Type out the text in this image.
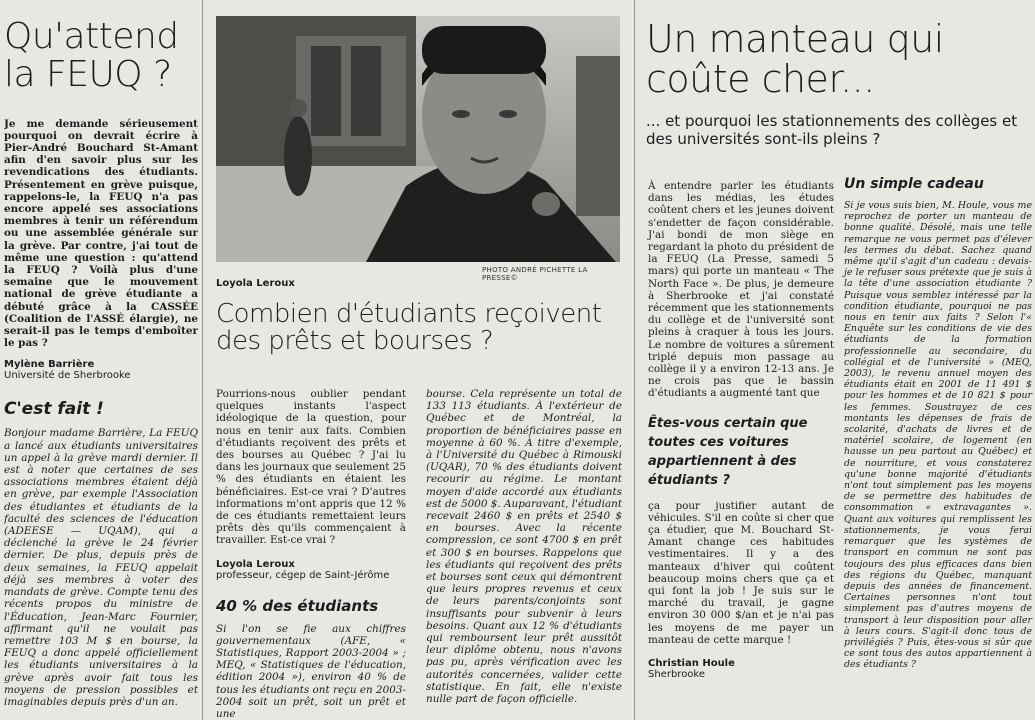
Qu'attend la FEUQ ?

Je me demande sérieusement pourquoi on devrait écrire à Pier-André Bouchard St-Amant afin d'en savoir plus sur les revendications des étudiants. Présentement en grève puisque, rappelons-le, la FEUQ n'a pas encore appelé ses associations membres à tenir un référendum ou une assemblée générale sur la grève. Par contre, j'ai tout de même une question : qu'attend la FEUQ ? Voilà plus d'une semaine que le mouvement national de grève étudiante a débuté grâce à la CASSÉE (Coalition de l'ASSÉ élargie), ne serait-il pas le temps d'emboîter le pas ?

Mylène Barrière

Université de Sherbrooke

C'est fait !

Bonjour madame Barrière, La FEUQ a lancé aux étudiants universitaires un appel à la grève mardi dernier. Il est à noter que certaines de ses associations membres étaient déjà en grève, par exemple l'Association des étudiantes et étudiants de la faculté des sciences de l'éducation (ADEESE — UQAM), qui a déclenché la grève le 24 février dernier. De plus, depuis près de deux semaines, la FEUQ appelait déjà ses membres à voter des mandats de grève. Compte tenu des récents propos du ministre de l'Éducation, Jean-Marc Fournier, affirmant qu'il ne voulait pas remettre 103 M $ en bourse, la FEUQ a donc appelé officiellement les étudiants universitaires à la grève après avoir fait tous les moyens de pression possibles et imaginables depuis près d'un an.

PHOTO ANDRÉ PICHETTE LA PRESSE©

Loyola Leroux

Combien d'étudiants reçoivent des prêts et bourses ?

Pourrions-nous oublier pendant quelques instants l'aspect idéologique de la question, pour nous en tenir aux faits. Combien d'étudiants reçoivent des prêts et des bourses au Québec ? J'ai lu dans les journaux que seulement 25 % des étudiants en étaient les bénéficiaires. Est-ce vrai ? D'autres informations m'ont appris que 12 % de ces étudiants remettaient leurs prêts dès qu'ils commençaient à travailler. Est-ce vrai ?

Loyola Leroux

professeur, cégep de Saint-Jérôme

40 % des étudiants

Si l'on se fie aux chiffres gouvernementaux (AFE, « Statistiques, Rapport 2003-2004 » ; MEQ, « Statistiques de l'éducation, édition 2004 »), environ 40 % de tous les étudiants ont reçu en 2003-2004 soit un prêt, soit un prêt et une

bourse. Cela représente un total de 133 113 étudiants. À l'extérieur de Québec et de Montréal, la proportion de bénéficiaires passe en moyenne à 60 %. À titre d'exemple, à l'Université du Québec à Rimouski (UQAR), 70 % des étudiants doivent recourir au régime. Le montant moyen d'aide accordé aux étudiants est de 5000 $. Auparavant, l'étudiant recevait 2460 $ en prêts et 2540 $ en bourses. Avec la récente compression, ce sont 4700 $ en prêt et 300 $ en bourses. Rappelons que les étudiants qui reçoivent des prêts et bourses sont ceux qui démontrent que leurs propres revenus et ceux de leurs parents/conjoints sont insuffisants pour subvenir à leurs besoins. Quant aux 12 % d'étudiants qui remboursent leur prêt aussitôt leur diplôme obtenu, nous n'avons pas pu, après vérification avec les autorités concernées, valider cette statistique. En fait, elle n'existe nulle part de façon officielle.

Un manteau qui coûte cher...

... et pourquoi les stationnements des collèges et des universités sont-ils pleins ?

À entendre parler les étudiants dans les médias, les études coûtent chers et les jeunes doivent s'endetter de façon considérable. J'ai bondi de mon siège en regardant la photo du président de la FEUQ (La Presse, samedi 5 mars) qui porte un manteau « The North Face ». De plus, je demeure à Sherbrooke et j'ai constaté récemment que les stationnements du collège et de l'université sont pleins à craquer à tous les jours. Le nombre de voitures a sûrement triplé depuis mon passage au collège il y a environ 12-13 ans. Je ne crois pas que le bassin d'étudiants a augmenté tant que

Êtes-vous certain que toutes ces voitures appartiennent à des étudiants ?

ça pour justifier autant de véhicules. S'il en coûte si cher que ça étudier, que M. Bouchard St-Amant change ces habitudes vestimentaires. Il y a des manteaux d'hiver qui coûtent beaucoup moins chers que ça et qui font la job ! Je suis sur le marché du travail, je gagne environ 30 000 $/an et je n'ai pas les moyens de me payer un manteau de cette marque !

Christian Houle

Sherbrooke

Un simple cadeau

Si je vous suis bien, M. Houle, vous me reprochez de porter un manteau de bonne qualité. Désolé, mais une telle remarque ne vous permet pas d'élever les termes du débat. Sachez quand même qu'il s'agit d'un cadeau : devais-je le refuser sous prétexte que je suis à la tête d'une association étudiante ? Puisque vous semblez intéressé par la condition étudiante, pourquoi ne pas nous en tenir aux faits ? Selon l'« Enquête sur les conditions de vie des étudiants de la formation professionnelle au secondaire, du collégial et de l'université » (MEQ, 2003), le revenu annuel moyen des étudiants était en 2001 de 11 491 $ pour les hommes et de 10 821 $ pour les femmes. Soustrayez de ces montants les dépenses de frais de scolarité, d'achats de livres et de matériel scolaire, de logement (en hausse un peu partout au Québec) et de nourriture, et vous constaterez qu'une bonne majorité d'étudiants n'ont tout simplement pas les moyens de se permettre des habitudes de consommation « extravagantes ». Quant aux voitures qui remplissent les stationnements, je vous ferai remarquer que les systèmes de transport en commun ne sont pas toujours des plus efficaces dans bien des régions du Québec, manquant depuis des années de financement. Certaines personnes n'ont tout simplement pas d'autres moyens de transport à leur disposition pour aller à leurs cours. S'agit-il donc tous de privilégiés ? Puis, êtes-vous si sûr que ce sont tous des autos appartiennent à des étudiants ?
